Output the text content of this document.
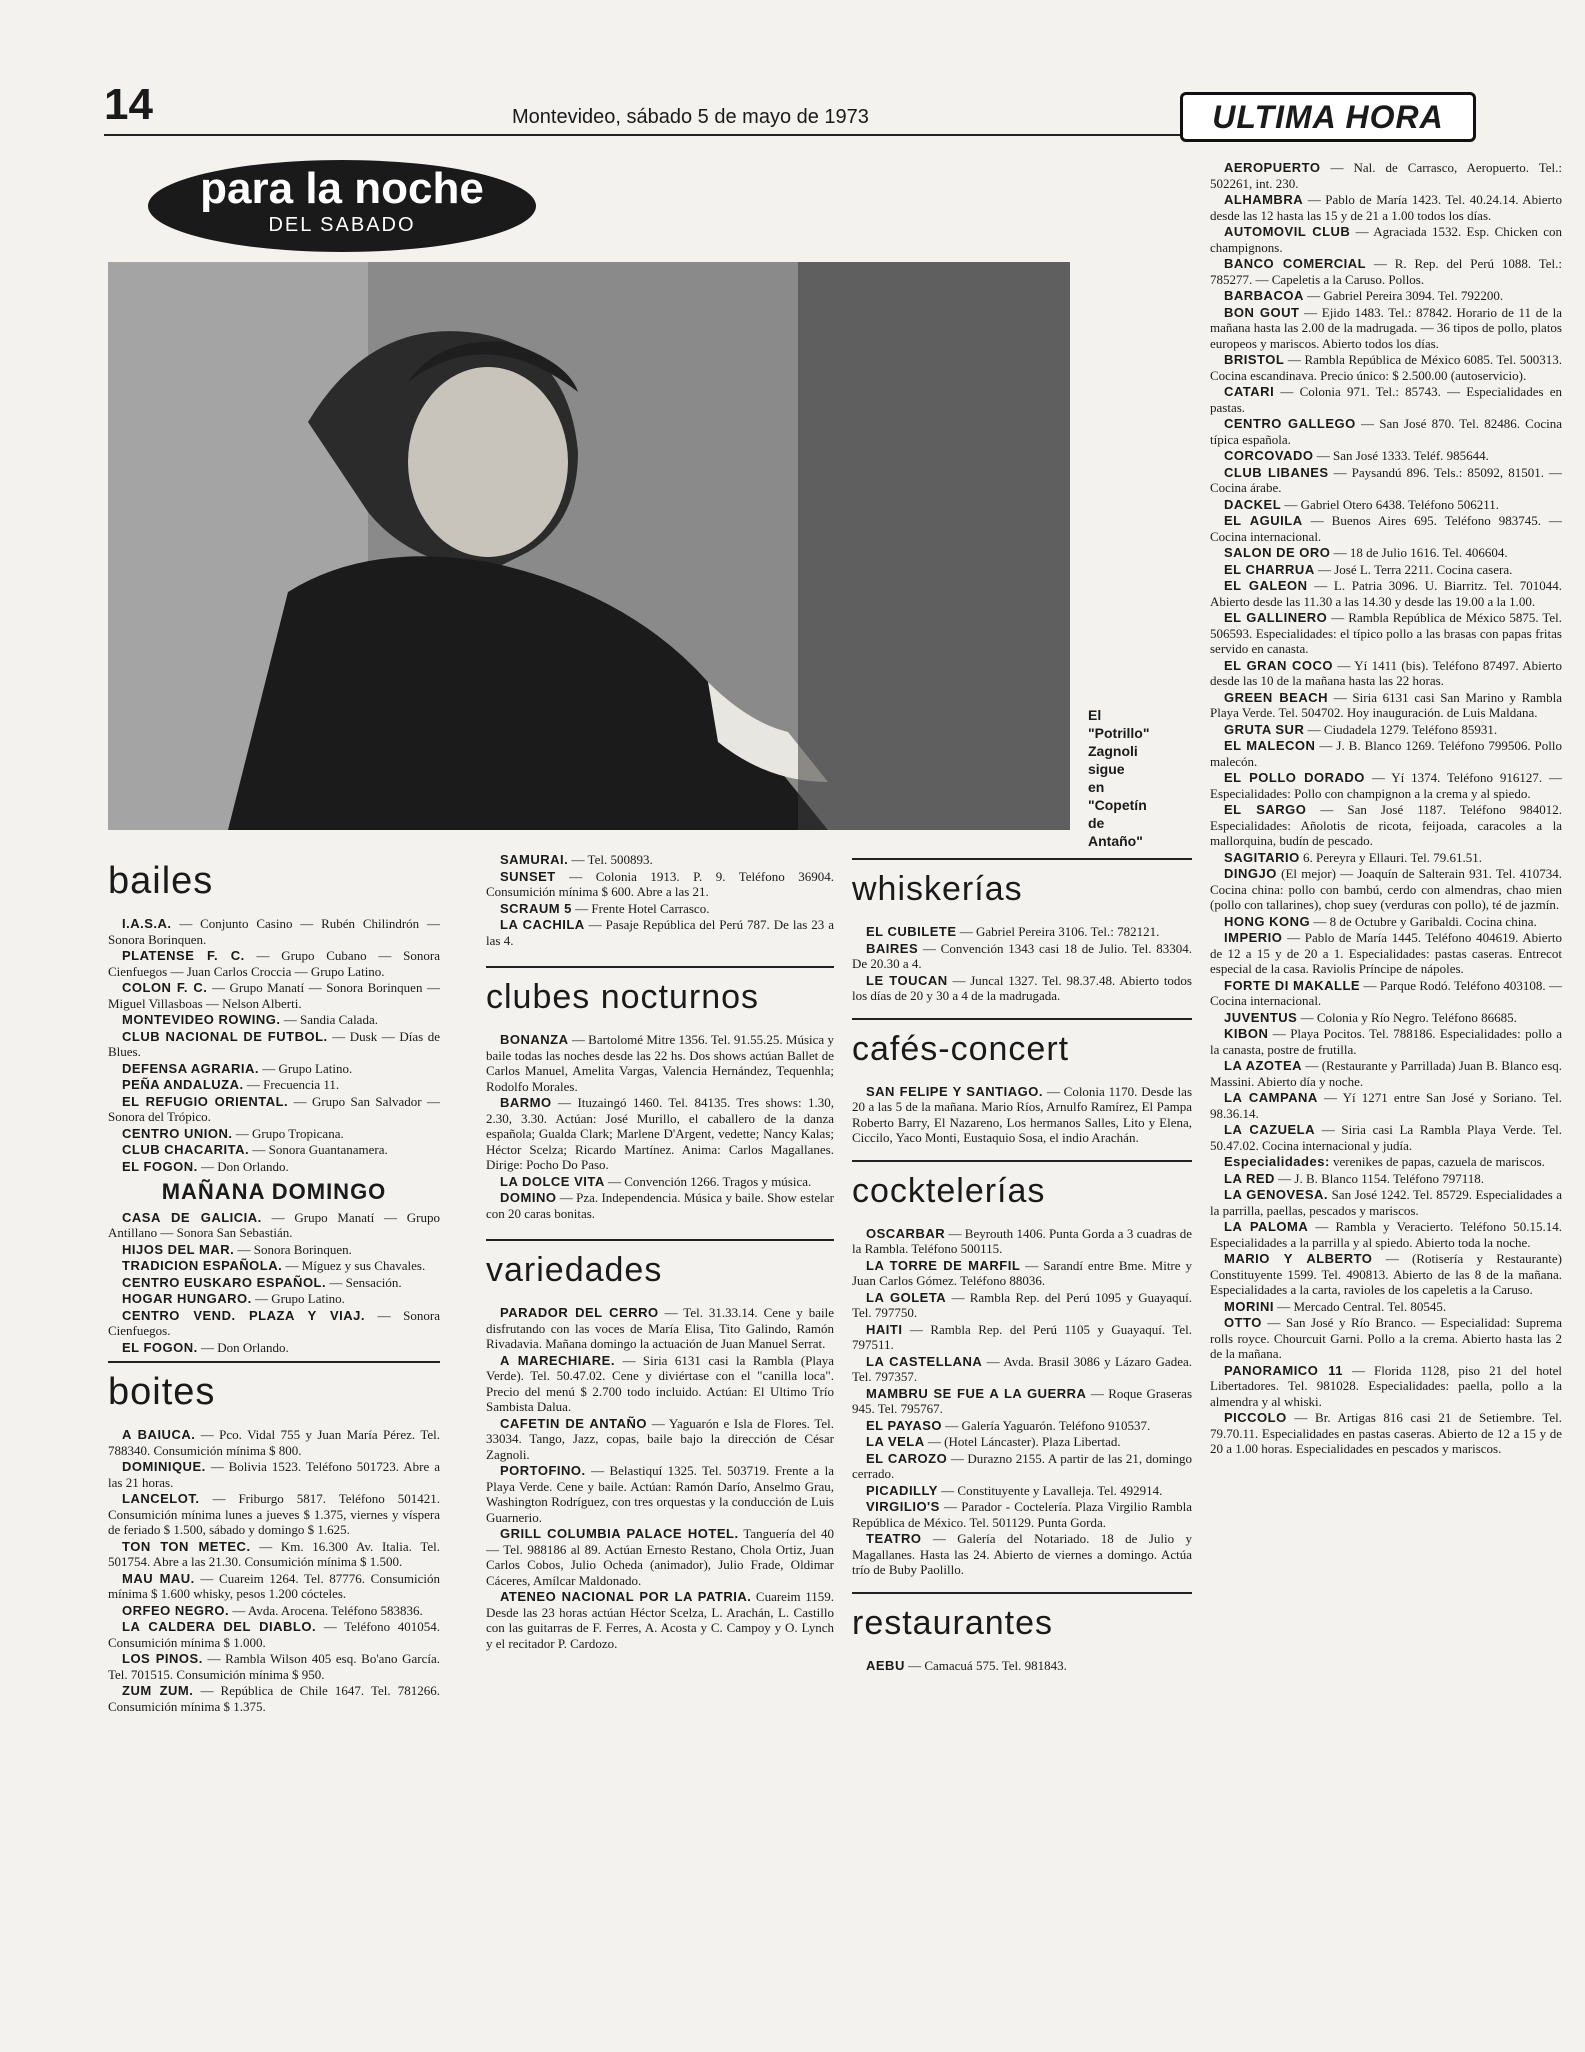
14	Montevideo, sábado 5 de mayo de 1973	ULTIMA HORA
para la noche
DEL SABADO
El
"Potrillo"
Zagnoli
sigue
en
"Copetín
de
Antaño"
bailes

I.A.S.A. — Conjunto Casino — Rubén Chilindrón — Sonora Borinquen.

PLATENSE F. C. — Grupo Cubano — Sonora Cienfuegos — Juan Carlos Croccia — Grupo Latino.

COLON F. C. — Grupo Manatí — Sonora Borinquen — Miguel Villasboas — Nelson Alberti.

MONTEVIDEO ROWING. — Sandia Calada.

CLUB NACIONAL DE FUTBOL. — Dusk — Días de Blues.

DEFENSA AGRARIA. — Grupo Latino.

PEÑA ANDALUZA. — Frecuencia 11.

EL REFUGIO ORIENTAL. — Grupo San Salvador — Sonora del Trópico.

CENTRO UNION. — Grupo Tropicana.

CLUB CHACARITA. — Sonora Guantanamera.

EL FOGON. — Don Orlando.

MAÑANA DOMINGO

CASA DE GALICIA. — Grupo Manatí — Grupo Antillano — Sonora San Sebastián.

HIJOS DEL MAR. — Sonora Borinquen.

TRADICION ESPAÑOLA. — Míguez y sus Chavales.

CENTRO EUSKARO ESPAÑOL. — Sensación.

HOGAR HUNGARO. — Grupo Latino.

CENTRO VEND. PLAZA Y VIAJ. — Sonora Cienfuegos.

EL FOGON. — Don Orlando.

boites

A BAIUCA. — Pco. Vidal 755 y Juan María Pérez. Tel. 788340. Consumición mínima $ 800.

DOMINIQUE. — Bolivia 1523. Teléfono 501723. Abre a las 21 horas.

LANCELOT. — Friburgo 5817. Teléfono 501421. Consumición mínima lunes a jueves $ 1.375, viernes y víspera de feriado $ 1.500, sábado y domingo $ 1.625.

TON TON METEC. — Km. 16.300 Av. Italia. Tel. 501754. Abre a las 21.30. Consumición mínima $ 1.500.

MAU MAU. — Cuareim 1264. Tel. 87776. Consumición mínima $ 1.600 whisky, pesos 1.200 cócteles.

ORFEO NEGRO. — Avda. Arocena. Teléfono 583836.

LA CALDERA DEL DIABLO. — Teléfono 401054. Consumición mínima $ 1.000.

LOS PINOS. — Rambla Wilson 405 esq. Bo'ano García. Tel. 701515. Consumición mínima $ 950.

ZUM ZUM. — República de Chile 1647. Tel. 781266. Consumición mínima $ 1.375.

SAMURAI. — Tel. 500893.

SUNSET — Colonia 1913. P. 9. Teléfono 36904. Consumición mínima $ 600. Abre a las 21.

SCRAUM 5 — Frente Hotel Carrasco.

LA CACHILA — Pasaje República del Perú 787. De las 23 a las 4.

clubes nocturnos

BONANZA — Bartolomé Mitre 1356. Tel. 91.55.25. Música y baile todas las noches desde las 22 hs. Dos shows actúan Ballet de Carlos Manuel, Amelita Vargas, Valencia Hernández, Tequenhla; Rodolfo Morales.

BARMO — Ituzaingó 1460. Tel. 84135. Tres shows: 1.30, 2.30, 3.30. Actúan: José Murillo, el caballero de la danza española; Gualda Clark; Marlene D'Argent, vedette; Nancy Kalas; Héctor Scelza; Ricardo Martínez. Anima: Carlos Magallanes. Dirige: Pocho Do Paso.

LA DOLCE VITA — Convención 1266. Tragos y música.

DOMINO — Pza. Independencia. Música y baile. Show estelar con 20 caras bonitas.

variedades

PARADOR DEL CERRO — Tel. 31.33.14. Cene y baile disfrutando con las voces de María Elisa, Tito Galindo, Ramón Rivadavia. Mañana domingo la actuación de Juan Manuel Serrat.

A MARECHIARE. — Siria 6131 casi la Rambla (Playa Verde). Tel. 50.47.02. Cene y diviértase con el "canilla loca". Precio del menú $ 2.700 todo incluido. Actúan: El Ultimo Trío Sambista Dalua.

CAFETIN DE ANTAÑO — Yaguarón e Isla de Flores. Tel. 33034. Tango, Jazz, copas, baile bajo la dirección de César Zagnoli.

PORTOFINO. — Belastiquí 1325. Tel. 503719. Frente a la Playa Verde. Cene y baile. Actúan: Ramón Darío, Anselmo Grau, Washington Rodríguez, con tres orquestas y la conducción de Luis Guarnerio.

GRILL COLUMBIA PALACE HOTEL. Tanguería del 40 — Tel. 988186 al 89. Actúan Ernesto Restano, Chola Ortiz, Juan Carlos Cobos, Julio Ocheda (animador), Julio Frade, Oldimar Cáceres, Amílcar Maldonado.

ATENEO NACIONAL POR LA PATRIA. Cuareim 1159. Desde las 23 horas actúan Héctor Scelza, L. Arachán, L. Castillo con las guitarras de F. Ferres, A. Acosta y C. Campoy y O. Lynch y el recitador P. Cardozo.

whiskerías

EL CUBILETE — Gabriel Pereira 3106. Tel.: 782121.

BAIRES — Convención 1343 casi 18 de Julio. Tel. 83304. De 20.30 a 4.

LE TOUCAN — Juncal 1327. Tel. 98.37.48. Abierto todos los días de 20 y 30 a 4 de la madrugada.

cafés-concert

SAN FELIPE Y SANTIAGO. — Colonia 1170. Desde las 20 a las 5 de la mañana. Mario Ríos, Arnulfo Ramírez, El Pampa Roberto Barry, El Nazareno, Los hermanos Salles, Lito y Elena, Ciccilo, Yaco Monti, Eustaquio Sosa, el indio Arachán.

cocktelerías

OSCARBAR — Beyrouth 1406. Punta Gorda a 3 cuadras de la Rambla. Teléfono 500115.

LA TORRE DE MARFIL — Sarandí entre Bme. Mitre y Juan Carlos Gómez. Teléfono 88036.

LA GOLETA — Rambla Rep. del Perú 1095 y Guayaquí. Tel. 797750.

HAITI — Rambla Rep. del Perú 1105 y Guayaquí. Tel. 797511.

LA CASTELLANA — Avda. Brasil 3086 y Lázaro Gadea. Tel. 797357.

MAMBRU SE FUE A LA GUERRA — Roque Graseras 945. Tel. 795767.

EL PAYASO — Galería Yaguarón. Teléfono 910537.

LA VELA — (Hotel Láncaster). Plaza Libertad.

EL CAROZO — Durazno 2155. A partir de las 21, domingo cerrado.

PICADILLY — Constituyente y Lavalleja. Tel. 492914.

VIRGILIO'S — Parador - Coctelería. Plaza Virgilio Rambla República de México. Tel. 501129. Punta Gorda.

TEATRO — Galería del Notariado. 18 de Julio y Magallanes. Hasta las 24. Abierto de viernes a domingo. Actúa trío de Buby Paolillo.

restaurantes

AEBU — Camacuá 575. Tel. 981843.

AEROPUERTO — Nal. de Carrasco, Aeropuerto. Tel.: 502261, int. 230.

ALHAMBRA — Pablo de María 1423. Tel. 40.24.14. Abierto desde las 12 hasta las 15 y de 21 a 1.00 todos los días.

AUTOMOVIL CLUB — Agraciada 1532. Esp. Chicken con champignons.

BANCO COMERCIAL — R. Rep. del Perú 1088. Tel.: 785277. — Capeletis a la Caruso. Pollos.

BARBACOA — Gabriel Pereira 3094. Tel. 792200.

BON GOUT — Ejido 1483. Tel.: 87842. Horario de 11 de la mañana hasta las 2.00 de la madrugada. — 36 tipos de pollo, platos europeos y mariscos. Abierto todos los días.

BRISTOL — Rambla República de México 6085. Tel. 500313. Cocina escandinava. Precio único: $ 2.500.00 (autoservicio).

CATARI — Colonia 971. Tel.: 85743. — Especialidades en pastas.

CENTRO GALLEGO — San José 870. Tel. 82486. Cocina típica española.

CORCOVADO — San José 1333. Teléf. 985644.

CLUB LIBANES — Paysandú 896. Tels.: 85092, 81501. — Cocina árabe.

DACKEL — Gabriel Otero 6438. Teléfono 506211.

EL AGUILA — Buenos Aires 695. Teléfono 983745. — Cocina internacional.

SALON DE ORO — 18 de Julio 1616. Tel. 406604.

EL CHARRUA — José L. Terra 2211. Cocina casera.

EL GALEON — L. Patria 3096. U. Biarritz. Tel. 701044. Abierto desde las 11.30 a las 14.30 y desde las 19.00 a la 1.00.

EL GALLINERO — Rambla República de México 5875. Tel. 506593. Especialidades: el típico pollo a las brasas con papas fritas servido en canasta.

EL GRAN COCO — Yí 1411 (bis). Teléfono 87497. Abierto desde las 10 de la mañana hasta las 22 horas.

GREEN BEACH — Siria 6131 casi San Marino y Rambla Playa Verde. Tel. 504702. Hoy inauguración. de Luis Maldana.

GRUTA SUR — Ciudadela 1279. Teléfono 85931.

EL MALECON — J. B. Blanco 1269. Teléfono 799506. Pollo malecón.

EL POLLO DORADO — Yí 1374. Teléfono 916127. — Especialidades: Pollo con champignon a la crema y al spiedo.

EL SARGO — San José 1187. Teléfono 984012. Especialidades: Añolotis de ricota, feijoada, caracoles a la mallorquina, budín de pescado.

SAGITARIO 6. Pereyra y Ellauri. Tel. 79.61.51.

DINGJO (El mejor) — Joaquín de Salterain 931. Tel. 410734. Cocina china: pollo con bambú, cerdo con almendras, chao mien (pollo con tallarines), chop suey (verduras con pollo), té de jazmín.

HONG KONG — 8 de Octubre y Garibaldi. Cocina china.

IMPERIO — Pablo de María 1445. Teléfono 404619. Abierto de 12 a 15 y de 20 a 1. Especialidades: pastas caseras. Entrecot especial de la casa. Raviolis Príncipe de nápoles.

FORTE DI MAKALLE — Parque Rodó. Teléfono 403108. — Cocina internacional.

JUVENTUS — Colonia y Río Negro. Teléfono 86685.

KIBON — Playa Pocitos. Tel. 788186. Especialidades: pollo a la canasta, postre de frutilla.

LA AZOTEA — (Restaurante y Parrillada) Juan B. Blanco esq. Massini. Abierto día y noche.

LA CAMPANA — Yí 1271 entre San José y Soriano. Tel. 98.36.14.

LA CAZUELA — Siria casi La Rambla Playa Verde. Tel. 50.47.02. Cocina internacional y judía.

Especialidades: verenikes de papas, cazuela de mariscos.

LA RED — J. B. Blanco 1154. Teléfono 797118.

LA GENOVESA. San José 1242. Tel. 85729. Especialidades a la parrilla, paellas, pescados y mariscos.

LA PALOMA — Rambla y Veracierto. Teléfono 50.15.14. Especialidades a la parrilla y al spiedo. Abierto toda la noche.

MARIO Y ALBERTO — (Rotisería y Restaurante) Constituyente 1599. Tel. 490813. Abierto de las 8 de la mañana. Especialidades a la carta, ravioles de los capeletis a la Caruso.

MORINI — Mercado Central. Tel. 80545.

OTTO — San José y Río Branco. — Especialidad: Suprema rolls royce. Chourcuit Garni. Pollo a la crema. Abierto hasta las 2 de la mañana.

PANORAMICO 11 — Florida 1128, piso 21 del hotel Libertadores. Tel. 981028. Especialidades: paella, pollo a la almendra y al whiski.

PICCOLO — Br. Artigas 816 casi 21 de Setiembre. Tel. 79.70.11. Especialidades en pastas caseras. Abierto de 12 a 15 y de 20 a 1.00 horas. Especialidades en pescados y mariscos.
